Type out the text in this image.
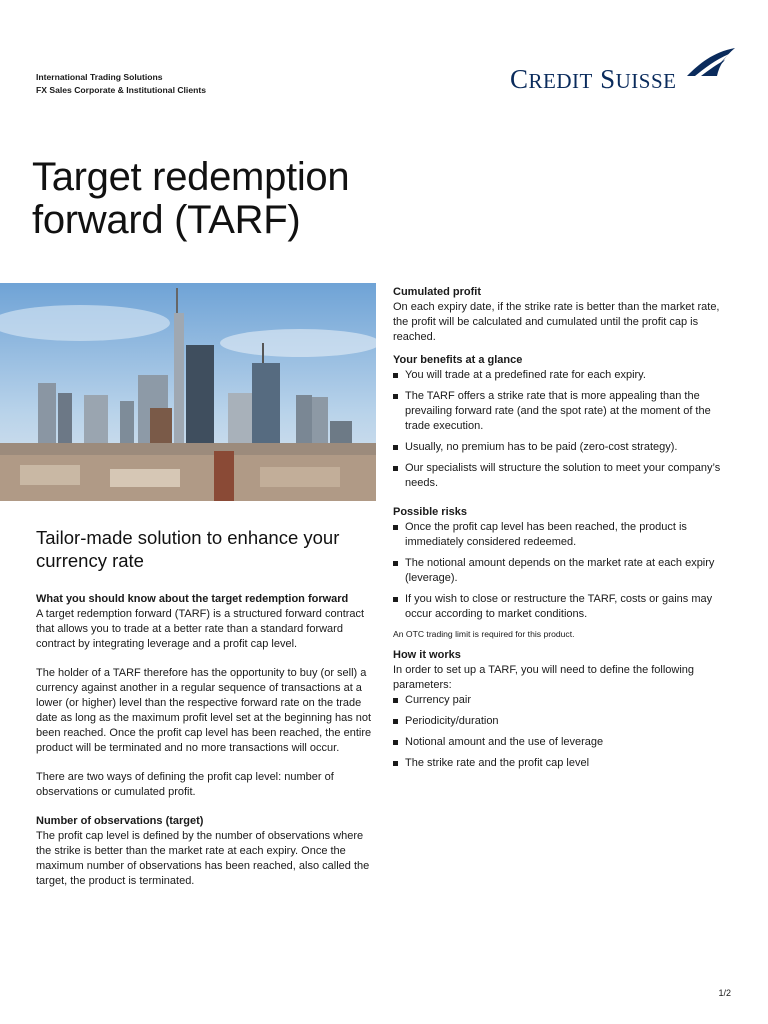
International Trading Solutions
FX Sales Corporate & Institutional Clients	CREDIT SUISSE
Target redemption
forward (TARF)
Tailor-made solution to enhance your currency rate
What you should know about the target redemption forward

A target redemption forward (TARF) is a structured forward contract that allows you to trade at a better rate than a standard forward contract by integrating leverage and a profit cap level.

The holder of a TARF therefore has the opportunity to buy (or sell) a currency against another in a regular sequence of transactions at a lower (or higher) level than the respective forward rate on the trade date as long as the maximum profit level set at the beginning has not been reached. Once the profit cap level has been reached, the entire product will be terminated and no more transactions will occur.

There are two ways of defining the profit cap level: number of observations or cumulated profit.

Number of observations (target)

The profit cap level is defined by the number of observations where the strike is better than the market rate at each expiry. Once the maximum number of observations has been reached, also called the target, the product is terminated.

Cumulated profit

On each expiry date, if the strike rate is better than the market rate, the profit will be calculated and cumulated until the profit cap is reached.

Your benefits at a glance
You will trade at a predefined rate for each expiry.
The TARF offers a strike rate that is more appealing than the prevailing forward rate (and the spot rate) at the moment of the trade execution.
Usually, no premium has to be paid (zero-cost strategy).
Our specialists will structure the solution to meet your company’s needs.
Possible risks
Once the profit cap level has been reached, the product is immediately considered redeemed.
The notional amount depends on the market rate at each expiry (leverage).
If you wish to close or restructure the TARF, costs or gains may occur according to market conditions.

An OTC trading limit is required for this product.

How it works

In order to set up a TARF, you will need to define the following parameters:

Currency pair
Periodicity/duration
Notional amount and the use of leverage
The strike rate and the profit cap level
1/2
